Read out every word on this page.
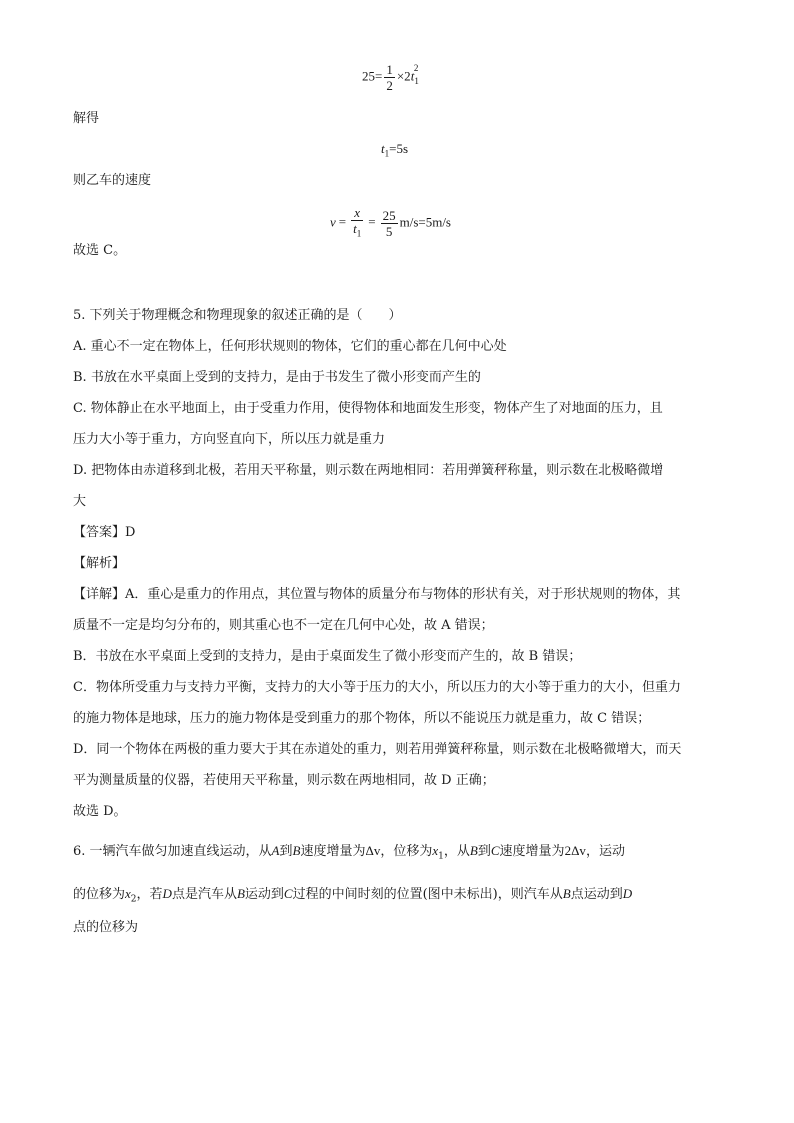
$25= \frac{1}{2} \times 2t_1^2$
解得
$t_1=5s$
则乙车的速度
$v = \frac{x}{t_1} = \frac{25}{5} m/s=5m/s$
故选 C。
5. 下列关于物理概念和物理现象的叙述正确的是（　　）
A. 重心不一定在物体上，任何形状规则的物体，它们的重心都在几何中心处
B. 书放在水平桌面上受到的支持力，是由于书发生了微小形变而产生的
C. 物体静止在水平地面上，由于受重力作用，使得物体和地面发生形变，物体产生了对地面的压力，且
压力大小等于重力，方向竖直向下，所以压力就是重力
D. 把物体由赤道移到北极，若用天平称量，则示数在两地相同：若用弹簧秤称量，则示数在北极略微增
大
【答案】D
【解析】
【详解】A．重心是重力的作用点，其位置与物体的质量分布与物体的形状有关，对于形状规则的物体，其
质量不一定是均匀分布的，则其重心也不一定在几何中心处，故 A 错误；
B．书放在水平桌面上受到的支持力，是由于桌面发生了微小形变而产生的，故 B 错误；
C．物体所受重力与支持力平衡，支持力的大小等于压力的大小，所以压力的大小等于重力的大小，但重力
的施力物体是地球，压力的施力物体是受到重力的那个物体，所以不能说压力就是重力，故 C 错误；
D．同一个物体在两极的重力要大于其在赤道处的重力，则若用弹簧秤称量，则示数在北极略微增大，而天
平为测量质量的仪器，若使用天平称量，则示数在两地相同，故 D 正确；
故选 D。
6. 一辆汽车做匀加速直线运动，从A到B速度增量为Δv，位移为$x_1$，从B到C速度增量为2Δv，运动
的位移为$x_2$，若D点是汽车从B运动到C过程的中间时刻的位置(图中未标出)，则汽车从B点运动到D
点的位移为
